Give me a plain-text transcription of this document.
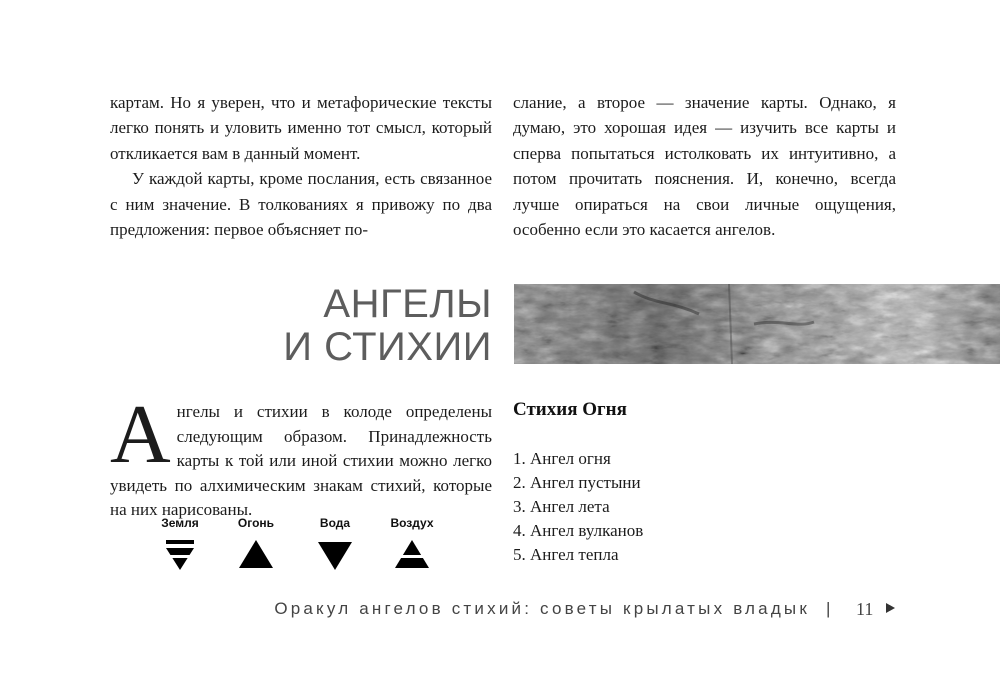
картам. Но я уверен, что и метафорические тексты легко понять и уловить именно тот смысл, который откликается вам в данный момент.

У каждой карты, кроме послания, есть связанное с ним значение. В толкованиях я привожу по два предложения: первое объясняет по-

слание, а второе — значение карты. Однако, я думаю, это хорошая идея — изучить все карты и сперва попытаться истолковать их интуитивно, а потом прочитать пояснения. И, конечно, всегда лучше опираться на свои личные ощущения, особенно если это касается ангелов.

АНГЕЛЫ
И СТИХИИ
А нгелы и стихии в колоде определены следующим образом. Принадлежность карты к той или иной стихии можно легко увидеть по алхимическим знакам стихий, которые на них нарисованы.
Земля	Огонь	Вода	Воздух
Стихия Огня
1. Ангел огня
2. Ангел пустыни
3. Ангел лета
4. Ангел вулканов
5. Ангел тепла
Оракул ангелов стихий: советы крылатых владык | 11
